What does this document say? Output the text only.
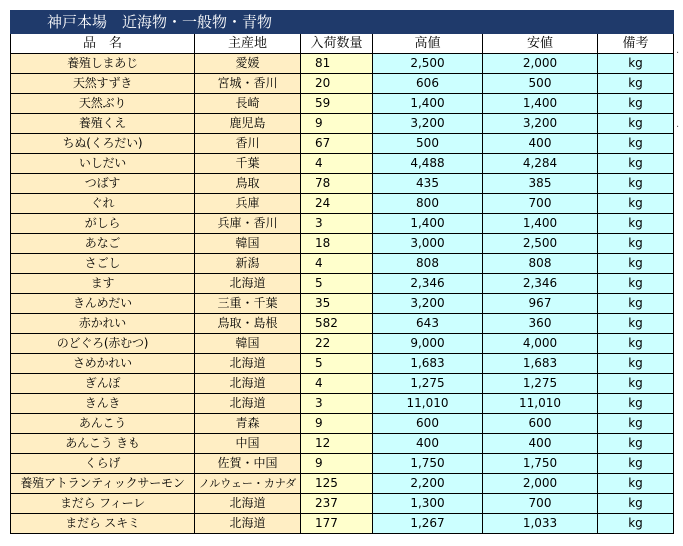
神戸本場　近海物・一般物・青物					
品　名	主産地	入荷数量	高値	安値	備考
養殖しまあじ	愛媛	81	2,500	2,000	kg
天然すずき	宮城・香川	20	606	500	kg
天然ぶり	長崎	59	1,400	1,400	kg
養殖くえ	鹿児島	9	3,200	3,200	kg
ちぬ(くろだい)	香川	67	500	400	kg
いしだい	千葉	4	4,488	4,284	kg
つばす	鳥取	78	435	385	kg
ぐれ	兵庫	24	800	700	kg
がしら	兵庫・香川	3	1,400	1,400	kg
あなご	韓国	18	3,000	2,500	kg
さごし	新潟	4	808	808	kg
ます	北海道	5	2,346	2,346	kg
きんめだい	三重・千葉	35	3,200	967	kg
赤かれい	鳥取・島根	582	643	360	kg
のどぐろ(赤むつ)	韓国	22	9,000	4,000	kg
さめかれい	北海道	5	1,683	1,683	kg
ぎんぽ	北海道	4	1,275	1,275	kg
きんき	北海道	3	11,010	11,010	kg
あんこう	青森	9	600	600	kg
あんこう きも	中国	12	400	400	kg
くらげ	佐賀・中国	9	1,750	1,750	kg
養殖アトランティックサーモン	ノルウェー・カナダ	125	2,200	2,000	kg
まだら フィーレ	北海道	237	1,300	700	kg
まだら スキミ	北海道	177	1,267	1,033	kg
·
·
